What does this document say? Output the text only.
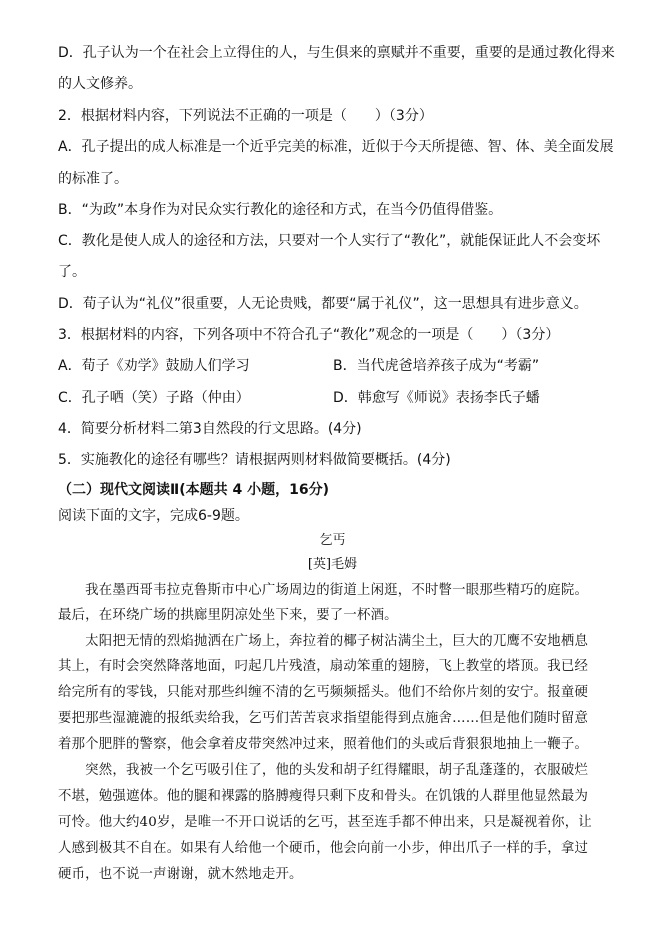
D．孔子认为一个在社会上立得住的人，与生俱来的禀赋并不重要，重要的是通过教化得来
的人文修养。
2．根据材料内容，下列说法不正确的一项是（　　）（3分）
A．孔子提出的成人标准是一个近乎完美的标准，近似于今天所提德、智、体、美全面发展
的标准了。
B．“为政”本身作为对民众实行教化的途径和方式，在当今仍值得借鉴。
C．教化是使人成人的途径和方法，只要对一个人实行了“教化”，就能保证此人不会变坏
了。
D．荀子认为“礼仪”很重要，人无论贵贱，都要“属于礼仪”，这一思想具有进步意义。
3．根据材料的内容，下列各项中不符合孔子“教化”观念的一项是（　　）（3分）
A．荀子《劝学》鼓励人们学习	B．当代虎爸培养孩子成为“考霸”
C．孔子哂（笑）子路（仲由）	D．韩愈写《师说》表扬李氏子蟠
4．简要分析材料二第3自然段的行文思路。(4分)
5．实施教化的途径有哪些？请根据两则材料做简要概括。(4分)
（二）现代文阅读Ⅱ(本题共 4 小题，16分)
阅读下面的文字，完成6-9题。
乞丐
[英]毛姆
　　我在墨西哥韦拉克鲁斯市中心广场周边的街道上闲逛，不时瞥一眼那些精巧的庭院。
最后，在环绕广场的拱廊里阴凉处坐下来，要了一杯酒。
　　太阳把无情的烈焰抛洒在广场上，奔拉着的椰子树沾满尘土，巨大的兀鹰不安地栖息
其上，有时会突然降落地面，叼起几片残渣，扇动笨重的翅膀，飞上教堂的塔顶。我已经
给完所有的零钱，只能对那些纠缠不清的乞丐频频摇头。他们不给你片刻的安宁。报童硬
要把那些湿漉漉的报纸卖给我，乞丐们苦苦哀求指望能得到点施舍……但是他们随时留意
着那个肥胖的警察，他会拿着皮带突然冲过来，照着他们的头或后背狠狠地抽上一鞭子。
　　突然，我被一个乞丐吸引住了，他的头发和胡子红得耀眼，胡子乱蓬蓬的，衣服破烂
不堪，勉强遮体。他的腿和裸露的胳膊瘦得只剩下皮和骨头。在饥饿的人群里他显然最为
可怜。他大约40岁，是唯一不开口说话的乞丐，甚至连手都不伸出来，只是凝视着你，让
人感到极其不自在。如果有人给他一个硬币，他会向前一小步，伸出爪子一样的手，拿过
硬币，也不说一声谢谢，就木然地走开。
